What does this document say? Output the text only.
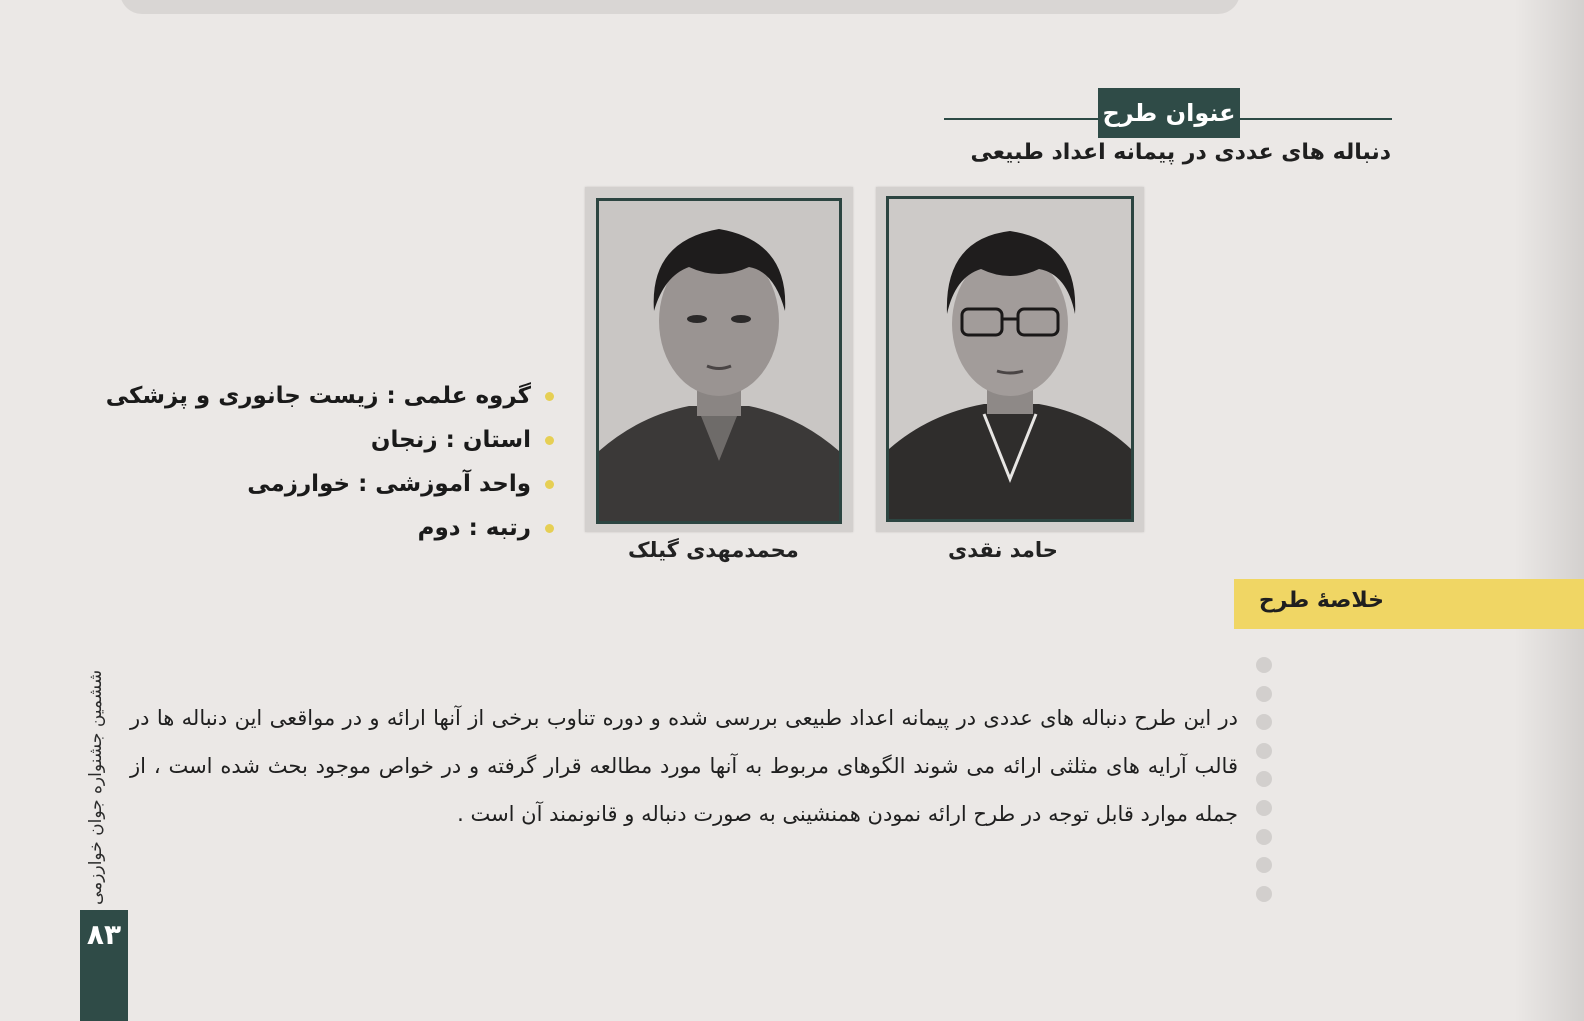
عنوان طرح
دنباله های عددی در پیمانه اعداد طبیعی
محمدمهدی گیلک	حامد نقدی
گروه علمی : زیست جانوری و پزشکی
استان : زنجان
واحد آموزشی : خوارزمی
رتبه : دوم
خلاصهٔ طرح
در این طرح دنباله های عددی در پیمانه اعداد طبیعی بررسی شده و دوره تناوب برخی از آنها ارائه و در مواقعی این دنباله ها در قالب آرایه های مثلثی ارائه می شوند الگوهای مربوط به آنها مورد مطالعه قرار گرفته و در خواص موجود بحث شده است ، از جمله موارد قابل توجه در طرح ارائه نمودن همنشینی به صورت دنباله و قانونمند آن است .
ششمین جشنواره جوان خوارزمی
۸۳
